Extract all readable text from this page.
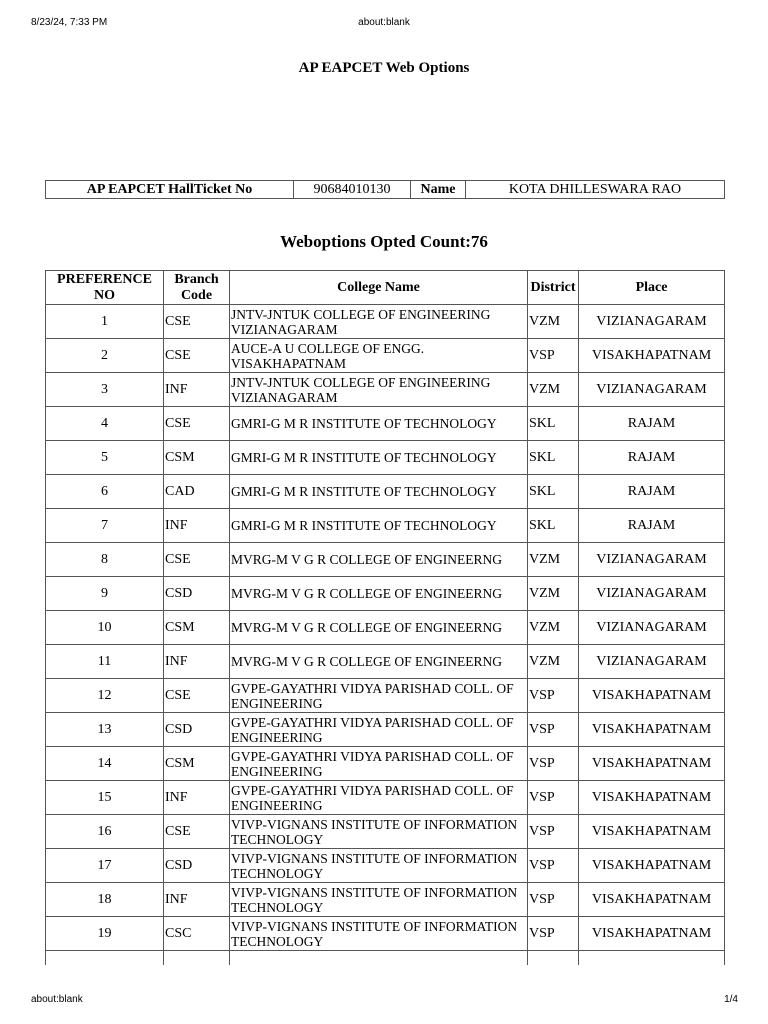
8/23/24, 7:33 PM	about:blank
AP EAPCET Web Options
AP EAPCET HallTicket No	90684010130	Name	KOTA DHILLESWARA RAO
Weboptions Opted Count:76
PREFERENCE NO	Branch Code	College Name	District	Place
1	CSE	JNTV-JNTUK COLLEGE OF ENGINEERING VIZIANAGARAM	VZM	VIZIANAGARAM
2	CSE	AUCE-A U COLLEGE OF ENGG. VISAKHAPATNAM	VSP	VISAKHAPATNAM
3	INF	JNTV-JNTUK COLLEGE OF ENGINEERING VIZIANAGARAM	VZM	VIZIANAGARAM
4	CSE	GMRI-G M R INSTITUTE OF TECHNOLOGY	SKL	RAJAM
5	CSM	GMRI-G M R INSTITUTE OF TECHNOLOGY	SKL	RAJAM
6	CAD	GMRI-G M R INSTITUTE OF TECHNOLOGY	SKL	RAJAM
7	INF	GMRI-G M R INSTITUTE OF TECHNOLOGY	SKL	RAJAM
8	CSE	MVRG-M V G R COLLEGE OF ENGINEERNG	VZM	VIZIANAGARAM
9	CSD	MVRG-M V G R COLLEGE OF ENGINEERNG	VZM	VIZIANAGARAM
10	CSM	MVRG-M V G R COLLEGE OF ENGINEERNG	VZM	VIZIANAGARAM
11	INF	MVRG-M V G R COLLEGE OF ENGINEERNG	VZM	VIZIANAGARAM
12	CSE	GVPE-GAYATHRI VIDYA PARISHAD COLL. OF ENGINEERING	VSP	VISAKHAPATNAM
13	CSD	GVPE-GAYATHRI VIDYA PARISHAD COLL. OF ENGINEERING	VSP	VISAKHAPATNAM
14	CSM	GVPE-GAYATHRI VIDYA PARISHAD COLL. OF ENGINEERING	VSP	VISAKHAPATNAM
15	INF	GVPE-GAYATHRI VIDYA PARISHAD COLL. OF ENGINEERING	VSP	VISAKHAPATNAM
16	CSE	VIVP-VIGNANS INSTITUTE OF INFORMATION TECHNOLOGY	VSP	VISAKHAPATNAM
17	CSD	VIVP-VIGNANS INSTITUTE OF INFORMATION TECHNOLOGY	VSP	VISAKHAPATNAM
18	INF	VIVP-VIGNANS INSTITUTE OF INFORMATION TECHNOLOGY	VSP	VISAKHAPATNAM
19	CSC	VIVP-VIGNANS INSTITUTE OF INFORMATION TECHNOLOGY	VSP	VISAKHAPATNAM

about:blank	1/4
